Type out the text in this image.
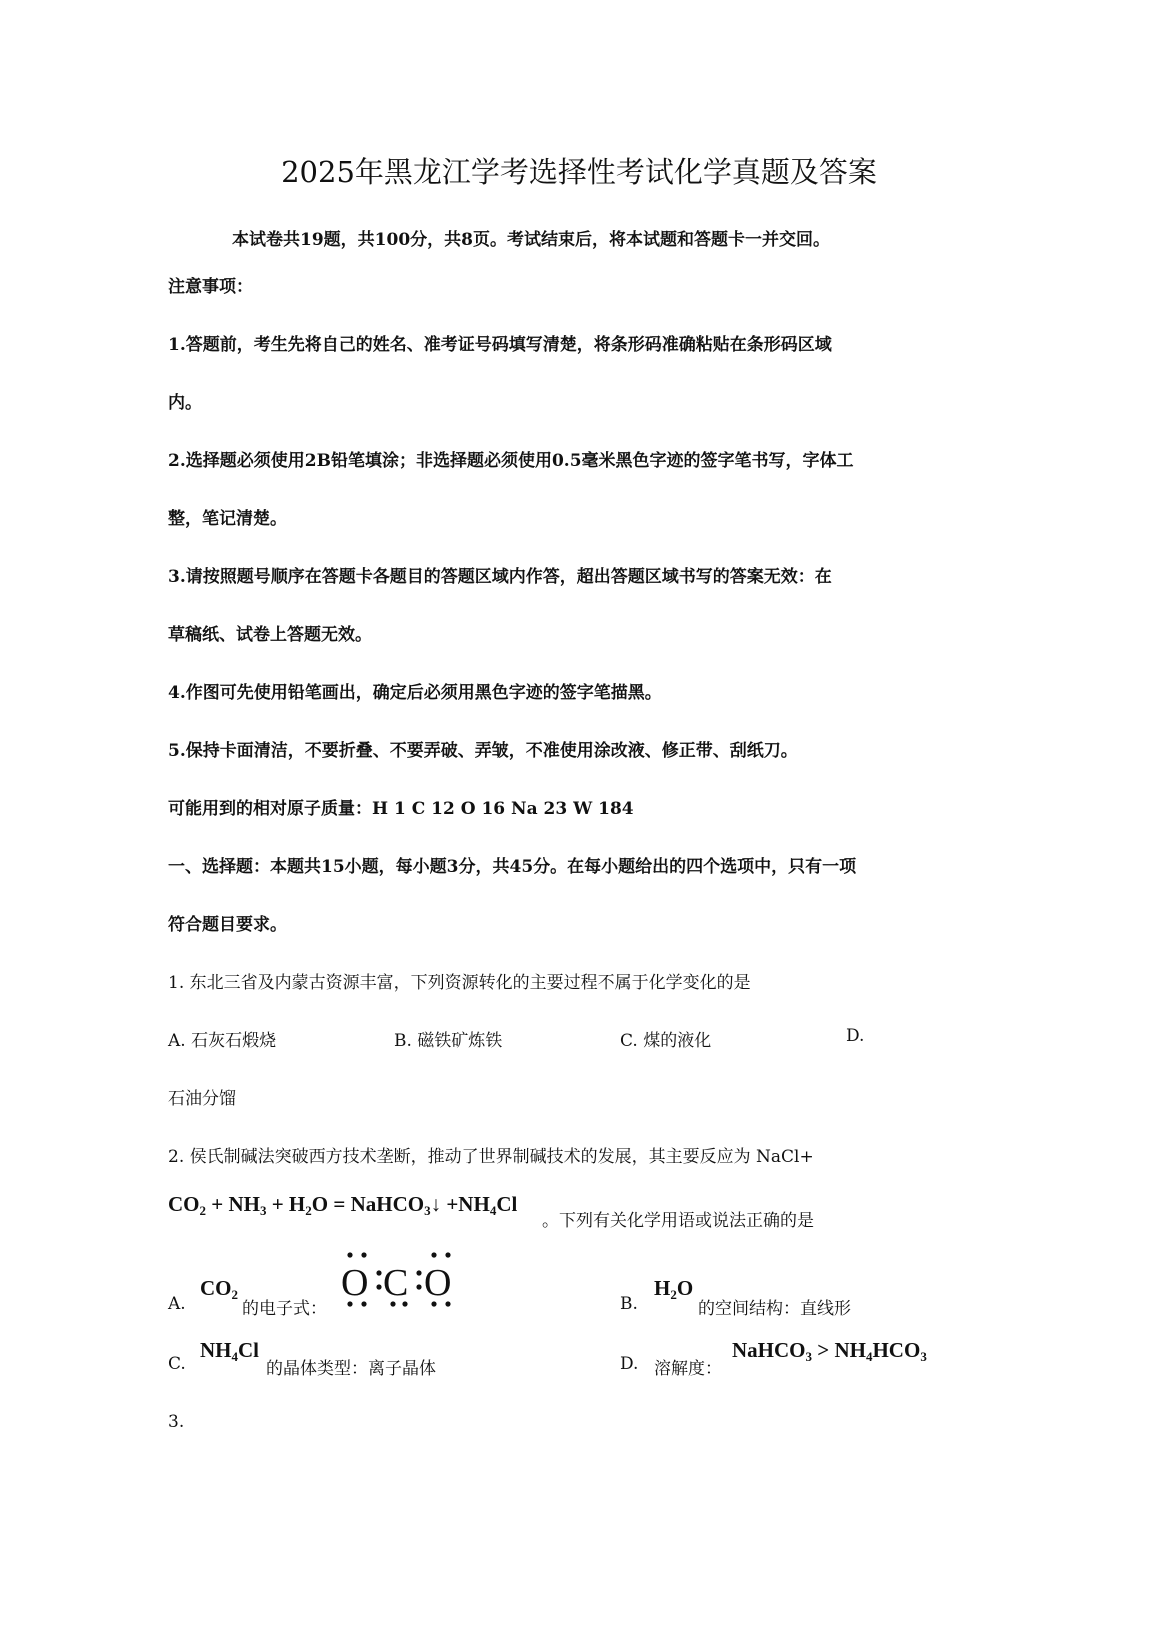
2025年黑龙江学考选择性考试化学真题及答案
本试卷共19题，共100分，共8页。考试结束后，将本试题和答题卡一并交回。
注意事项：
1.答题前，考生先将自己的姓名、准考证号码填写清楚，将条形码准确粘贴在条形码区域
内。
2.选择题必须使用2B铅笔填涂；非选择题必须使用0.5毫米黑色字迹的签字笔书写，字体工
整，笔记清楚。
3.请按照题号顺序在答题卡各题目的答题区域内作答，超出答题区域书写的答案无效：在
草稿纸、试卷上答题无效。
4.作图可先使用铅笔画出，确定后必须用黑色字迹的签字笔描黑。
5.保持卡面清洁，不要折叠、不要弄破、弄皱，不准使用涂改液、修正带、刮纸刀。
可能用到的相对原子质量：H 1 C 12 O 16 Na 23 W 184
一、选择题：本题共15小题，每小题3分，共45分。在每小题给出的四个选项中，只有一项
符合题目要求。
1. 东北三省及内蒙古资源丰富，下列资源转化的主要过程不属于化学变化的是
A. 石灰石煅烧	B. 磁铁矿炼铁	C. 煤的液化	D.
石油分馏
2. 侯氏制碱法突破西方技术垄断，推动了世界制碱技术的发展，其主要反应为 NaCl+
$CO_2 + NH_3 + H_2O$ = NaHCO$_3$↓ $+NH_4Cl$
。下列有关化学用语或说法正确的是
A.
$CO_2$
的电子式：
O C O	B.
$H_2O$
的空间结构：直线形
C.
$NH_4Cl$
的晶体类型：离子晶体	D. 溶解度：
NaHCO$_3$ > $NH_4HCO_3$
3.
